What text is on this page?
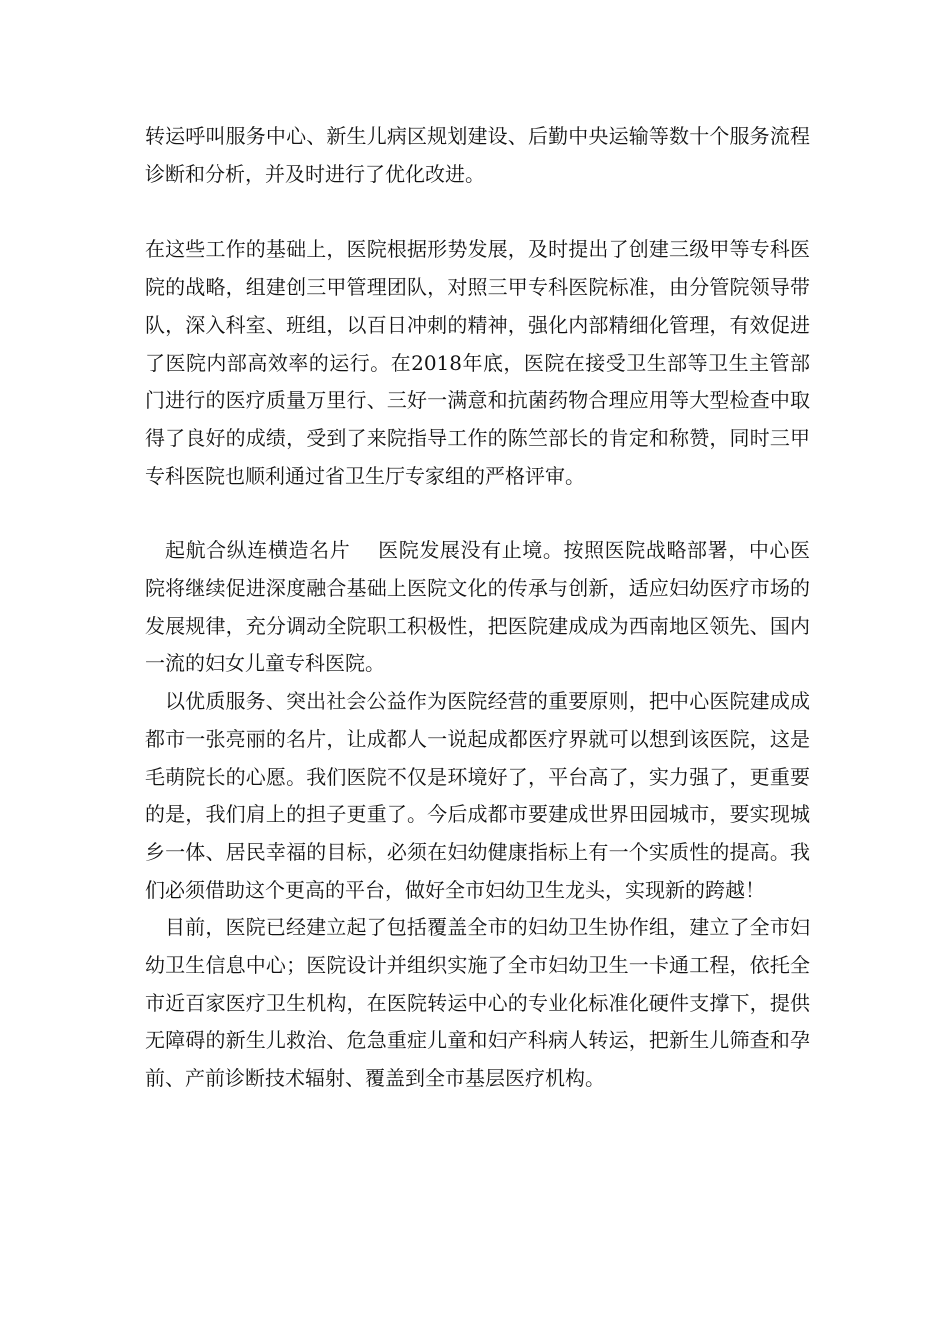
转运呼叫服务中心、新生儿病区规划建设、后勤中央运输等数十个服务流程诊断和分析，并及时进行了优化改进。

在这些工作的基础上，医院根据形势发展，及时提出了创建三级甲等专科医院的战略，组建创三甲管理团队，对照三甲专科医院标准，由分管院领导带队，深入科室、班组，以百日冲刺的精神，强化内部精细化管理，有效促进了医院内部高效率的运行。在2018年底，医院在接受卫生部等卫生主管部门进行的医疗质量万里行、三好一满意和抗菌药物合理应用等大型检查中取得了良好的成绩，受到了来院指导工作的陈竺部长的肯定和称赞，同时三甲专科医院也顺利通过省卫生厅专家组的严格评审。

起航合纵连横造名片 医院发展没有止境。按照医院战略部署，中心医院将继续促进深度融合基础上医院文化的传承与创新，适应妇幼医疗市场的发展规律，充分调动全院职工积极性，把医院建成成为西南地区领先、国内一流的妇女儿童专科医院。

以优质服务、突出社会公益作为医院经营的重要原则，把中心医院建成成都市一张亮丽的名片，让成都人一说起成都医疗界就可以想到该医院，这是毛萌院长的心愿。我们医院不仅是环境好了，平台高了，实力强了，更重要的是，我们肩上的担子更重了。今后成都市要建成世界田园城市，要实现城乡一体、居民幸福的目标，必须在妇幼健康指标上有一个实质性的提高。我们必须借助这个更高的平台，做好全市妇幼卫生龙头，实现新的跨越！

目前，医院已经建立起了包括覆盖全市的妇幼卫生协作组，建立了全市妇幼卫生信息中心；医院设计并组织实施了全市妇幼卫生一卡通工程，依托全市近百家医疗卫生机构，在医院转运中心的专业化标准化硬件支撑下，提供无障碍的新生儿救治、危急重症儿童和妇产科病人转运，把新生儿筛查和孕前、产前诊断技术辐射、覆盖到全市基层医疗机构。
